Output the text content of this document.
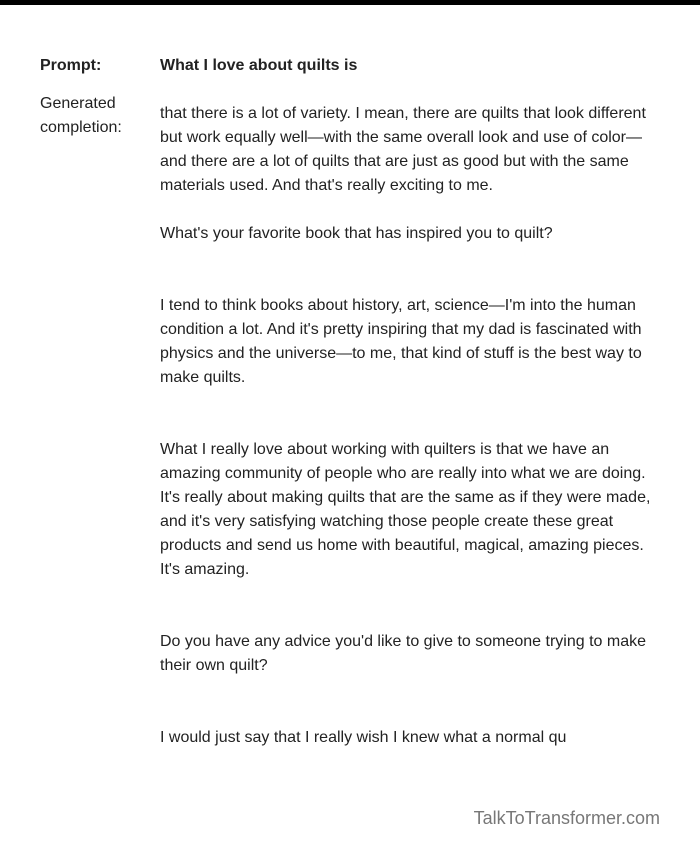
Prompt:
Generated
completion:
What I love about quilts is

that there is a lot of variety. I mean, there are quilts that look different
but work equally well—with the same overall look and use of color—
and there are a lot of quilts that are just as good but with the same
materials used. And that's really exciting to me.

What's your favorite book that has inspired you to quilt?

I tend to think books about history, art, science—I'm into the human
condition a lot. And it's pretty inspiring that my dad is fascinated with
physics and the universe—to me, that kind of stuff is the best way to
make quilts.

What I really love about working with quilters is that we have an
amazing community of people who are really into what we are doing.
It's really about making quilts that are the same as if they were made,
and it's very satisfying watching those people create these great
products and send us home with beautiful, magical, amazing pieces.
It's amazing.

Do you have any advice you'd like to give to someone trying to make
their own quilt?

I would just say that I really wish I knew what a normal qu

TalkToTransformer.com
